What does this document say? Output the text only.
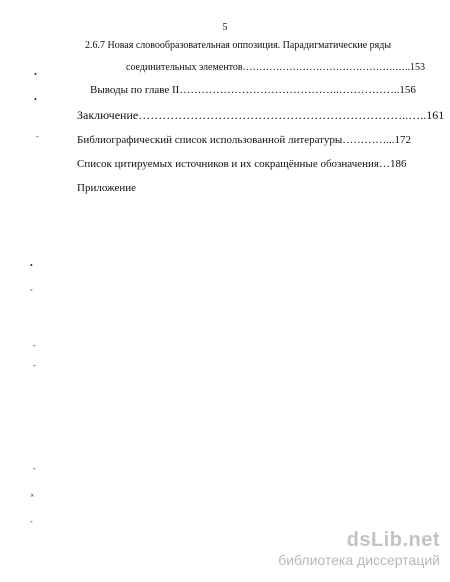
5
2.6.7 Новая словообразовательная оппозиция. Парадигматические ряды
соединительных элементов……………………………………….…..153
Выводы по главе II……………………………………..……………..156
Заключение…………………………………………………………..…..161
Библиографический список использованной литературы…………...172
Список цитируемых источников и их сокращённые обозначения…186
Приложение
•
•
-
•
ˇ
-
-
-
×
-
dsLib.net
библиотека диссертаций
